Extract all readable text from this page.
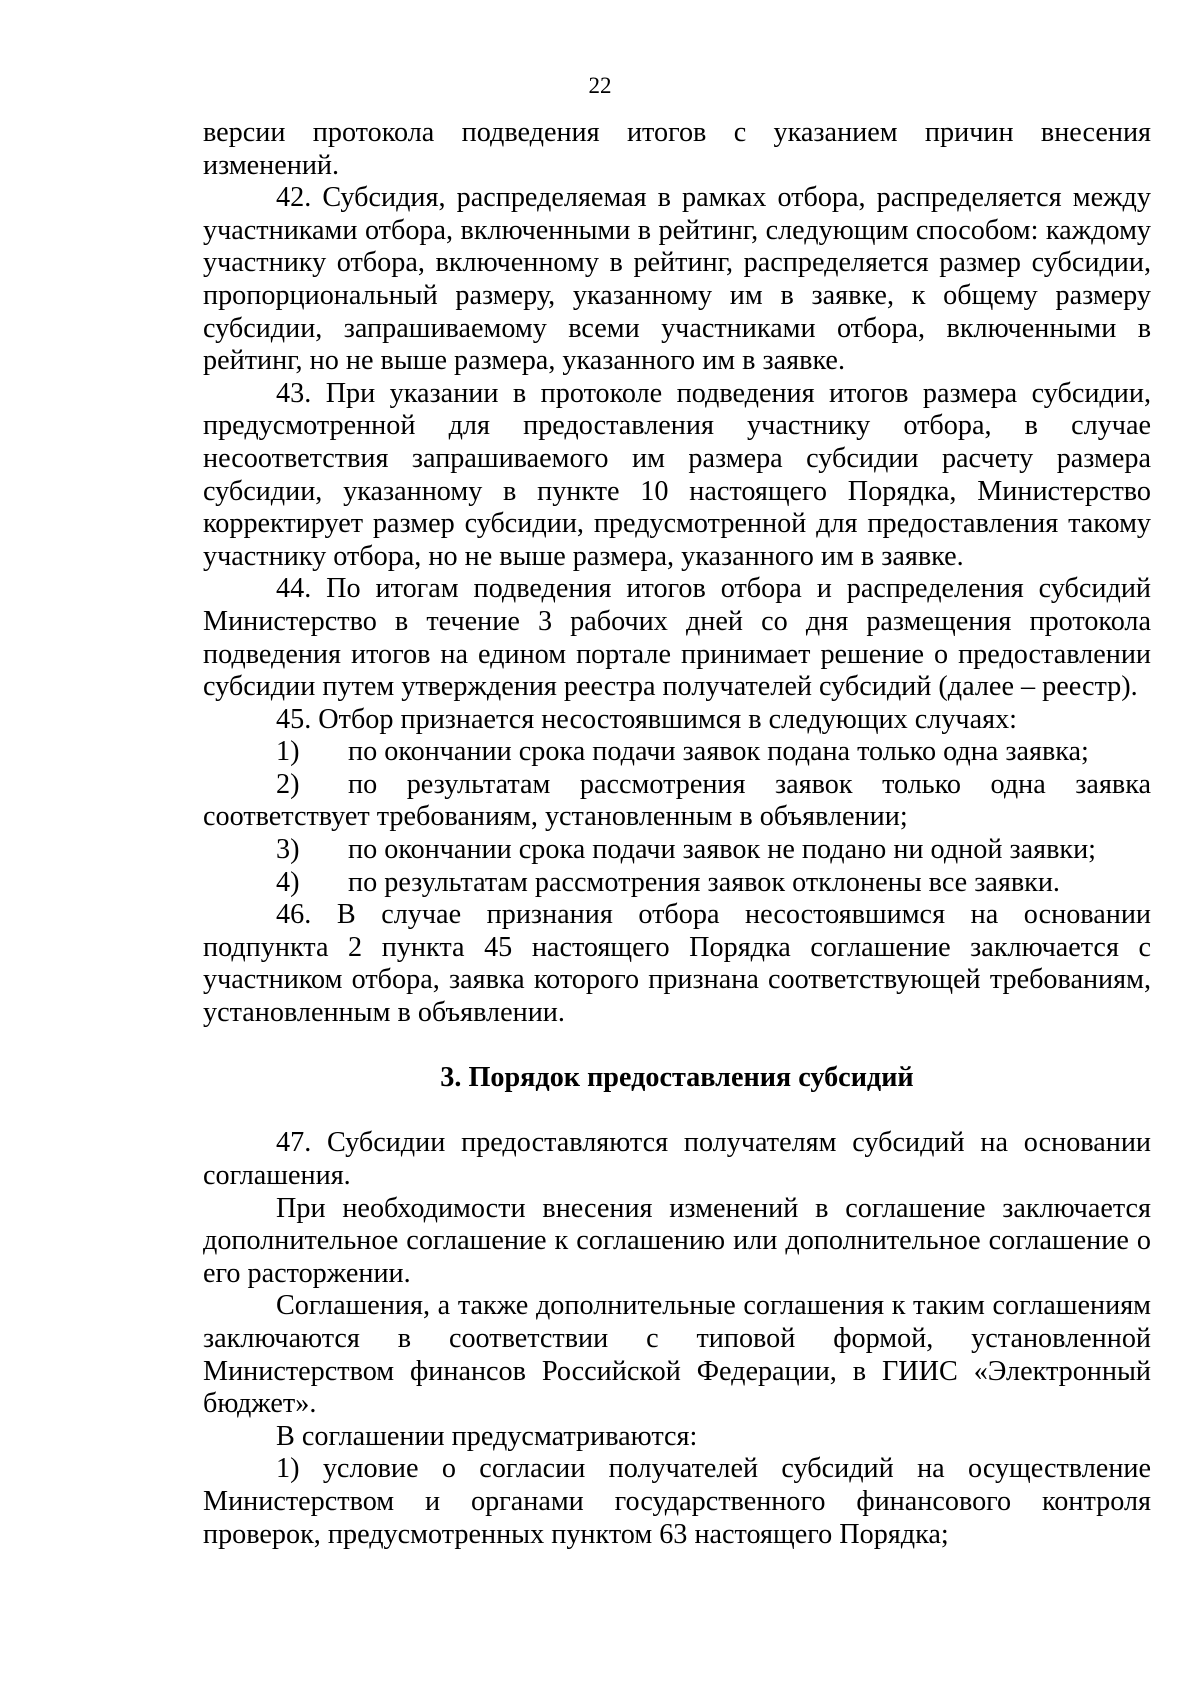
22

версии протокола подведения итогов с указанием причин внесения изменений.

42. Субсидия, распределяемая в рамках отбора, распределяется между участниками отбора, включенными в рейтинг, следующим способом: каждому участнику отбора, включенному в рейтинг, распределяется размер субсидии, пропорциональный размеру, указанному им в заявке, к общему размеру субсидии, запрашиваемому всеми участниками отбора, включенными в рейтинг, но не выше размера, указанного им в заявке.

43. При указании в протоколе подведения итогов размера субсидии, предусмотренной для предоставления участнику отбора, в случае несоответствия запрашиваемого им размера субсидии расчету размера субсидии, указанному в пункте 10 настоящего Порядка, Министерство корректирует размер субсидии, предусмотренной для предоставления такому участнику отбора, но не выше размера, указанного им в заявке.

44. По итогам подведения итогов отбора и распределения субсидий Министерство в течение 3 рабочих дней со дня размещения протокола подведения итогов на едином портале принимает решение о предоставлении субсидии путем утверждения реестра получателей субсидий (далее – реестр).

45. Отбор признается несостоявшимся в следующих случаях:

1) по окончании срока подачи заявок подана только одна заявка;

2) по результатам рассмотрения заявок только одна заявка соответствует требованиям, установленным в объявлении;

3) по окончании срока подачи заявок не подано ни одной заявки;

4) по результатам рассмотрения заявок отклонены все заявки.

46. В случае признания отбора несостоявшимся на основании подпункта 2 пункта 45 настоящего Порядка соглашение заключается с участником отбора, заявка которого признана соответствующей требованиям, установленным в объявлении.

3. Порядок предоставления субсидий

47. Субсидии предоставляются получателям субсидий на основании соглашения.

При необходимости внесения изменений в соглашение заключается дополнительное соглашение к соглашению или дополнительное соглашение о его расторжении.

Соглашения, а также дополнительные соглашения к таким соглашениям заключаются в соответствии с типовой формой, установленной Министерством финансов Российской Федерации, в ГИИС «Электронный бюджет».

В соглашении предусматриваются:

1) условие о согласии получателей субсидий на осуществление Министерством и органами государственного финансового контроля проверок, предусмотренных пунктом 63 настоящего Порядка;
